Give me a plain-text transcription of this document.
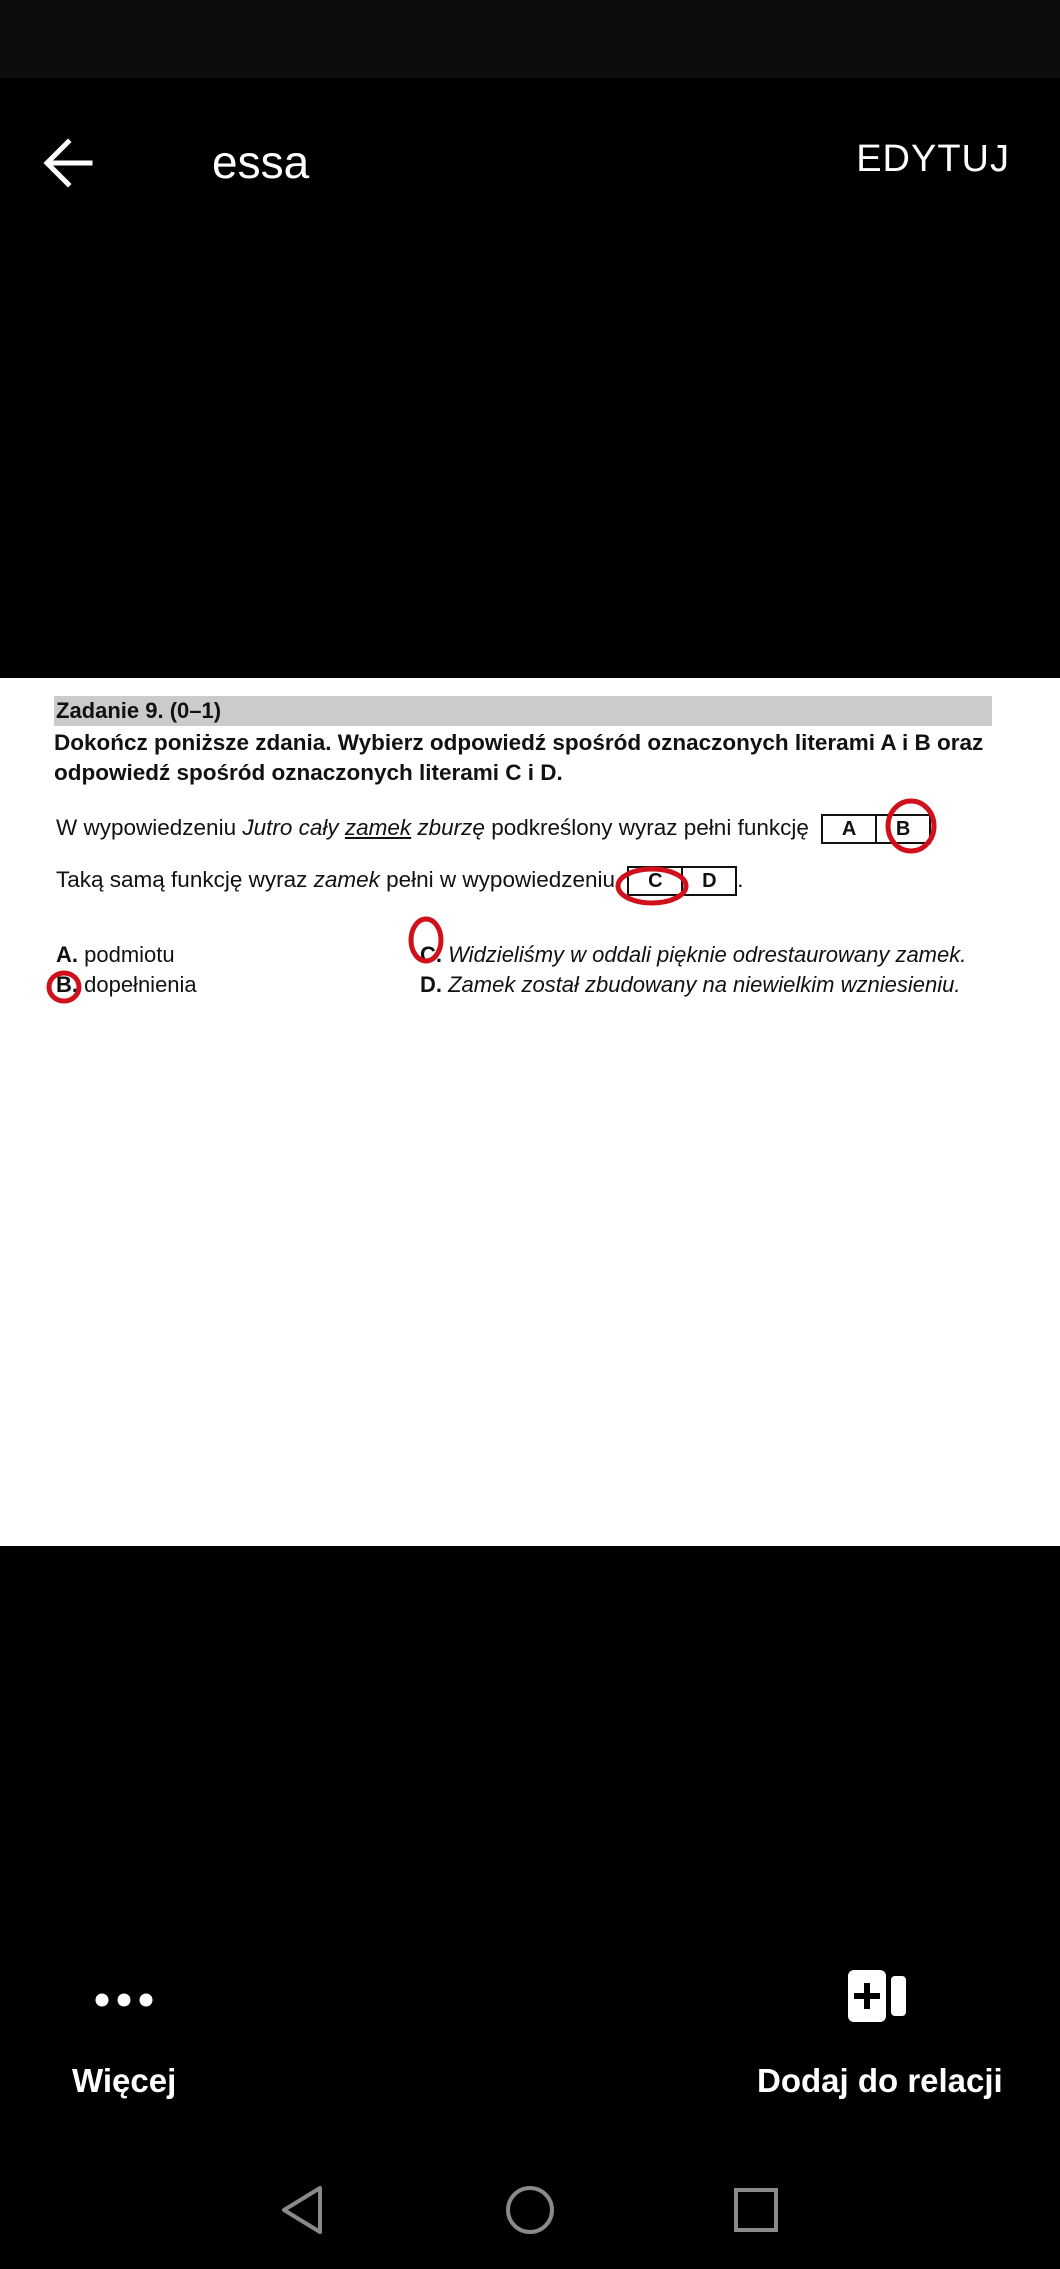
essa	EDYTUJ
Zadanie 9. (0–1)
Dokończ poniższe zdania. Wybierz odpowiedź spośród oznaczonych literami A i B oraz odpowiedź spośród oznaczonych literami C i D.
W wypowiedzeniu Jutro cały zamek zburzę podkreślony wyraz pełni funkcję A B .
Taką samą funkcję wyraz zamek pełni w wypowiedzeniu C D .
A. podmiotu
B. dopełnienia
C. Widzieliśmy w oddali pięknie odrestaurowany zamek.
D. Zamek został zbudowany na niewielkim wzniesieniu.
Więcej	Dodaj do relacji
